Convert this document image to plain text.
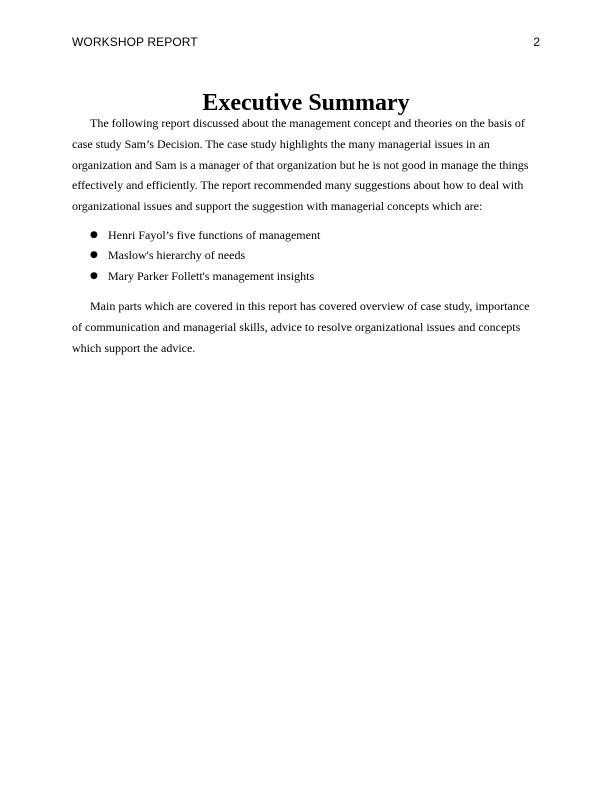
WORKSHOP REPORT	2
Executive Summary

The following report discussed about the management concept and theories on the basis of case study Sam’s Decision. The case study highlights the many managerial issues in an organization and Sam is a manager of that organization but he is not good in manage the things effectively and efficiently. The report recommended many suggestions about how to deal with organizational issues and support the suggestion with managerial concepts which are:

● Henri Fayol’s five functions of management
● Maslow's hierarchy of needs
● Mary Parker Follett's management insights

Main parts which are covered in this report has covered overview of case study, importance of communication and managerial skills, advice to resolve organizational issues and concepts which support the advice.
